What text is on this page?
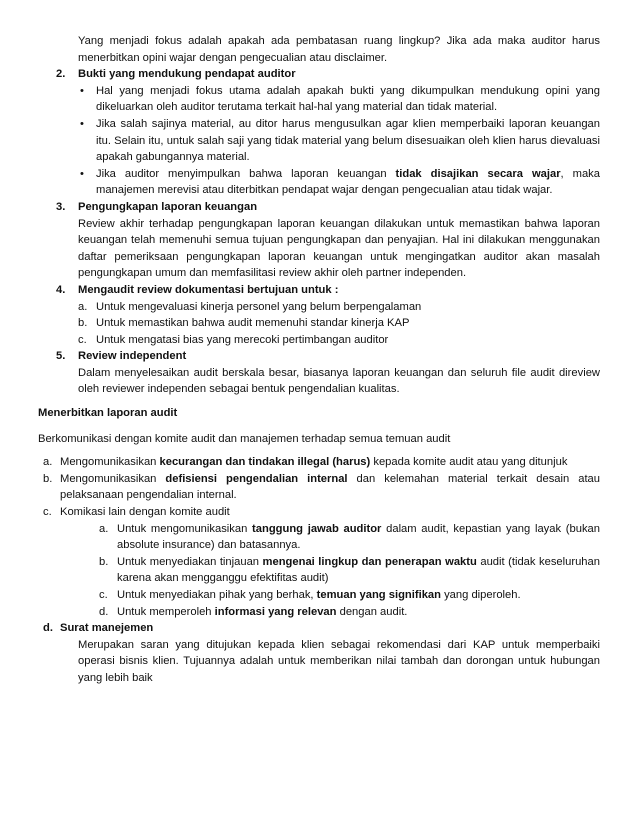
Yang menjadi fokus adalah apakah ada pembatasan ruang lingkup? Jika ada maka auditor harus menerbitkan opini wajar dengan pengecualian atau disclaimer.

2. Bukti yang mendukung pendapat auditor
• Hal yang menjadi fokus utama adalah apakah bukti yang dikumpulkan mendukung opini yang dikeluarkan oleh auditor terutama terkait hal-hal yang material dan tidak material.
• Jika salah sajinya material, au ditor harus mengusulkan agar klien memperbaiki laporan keuangan itu. Selain itu, untuk salah saji yang tidak material yang belum disesuaikan oleh klien harus dievaluasi apakah gabungannya material.
• Jika auditor menyimpulkan bahwa laporan keuangan tidak disajikan secara wajar, maka manajemen merevisi atau diterbitkan pendapat wajar dengan pengecualian atau tidak wajar.
3. Pengungkapan laporan keuangan

Review akhir terhadap pengungkapan laporan keuangan dilakukan untuk memastikan bahwa laporan keuangan telah memenuhi semua tujuan pengungkapan dan penyajian. Hal ini dilakukan menggunakan daftar pemeriksaan pengungkapan laporan keuangan untuk mengingatkan auditor akan masalah pengungkapan umum dan memfasilitasi review akhir oleh partner independen.

4. Mengaudit review dokumentasi bertujuan untuk :
a. Untuk mengevaluasi kinerja personel yang belum berpengalaman
b. Untuk memastikan bahwa audit memenuhi standar kinerja KAP
c. Untuk mengatasi bias yang merecoki pertimbangan auditor
5. Review independent

Dalam menyelesaikan audit berskala besar, biasanya laporan keuangan dan seluruh file audit direview oleh reviewer independen sebagai bentuk pengendalian kualitas.

Menerbitkan laporan audit

Berkomunikasi dengan komite audit dan manajemen terhadap semua temuan audit

a. Mengomunikasikan kecurangan dan tindakan illegal (harus) kepada komite audit atau yang ditunjuk
b. Mengomunikasikan defisiensi pengendalian internal dan kelemahan material terkait desain atau pelaksanaan pengendalian internal.
c. Komikasi lain dengan komite audit
a. Untuk mengomunikasikan tanggung jawab auditor dalam audit, kepastian yang layak (bukan absolute insurance) dan batasannya.
b. Untuk menyediakan tinjauan mengenai lingkup dan penerapan waktu audit (tidak keseluruhan karena akan mengganggu efektifitas audit)
c. Untuk menyediakan pihak yang berhak, temuan yang signifikan yang diperoleh.
d. Untuk memperoleh informasi yang relevan dengan audit.
d. Surat manejemen

Merupakan saran yang ditujukan kepada klien sebagai rekomendasi dari KAP untuk memperbaiki operasi bisnis klien. Tujuannya adalah untuk memberikan nilai tambah dan dorongan untuk hubungan yang lebih baik
